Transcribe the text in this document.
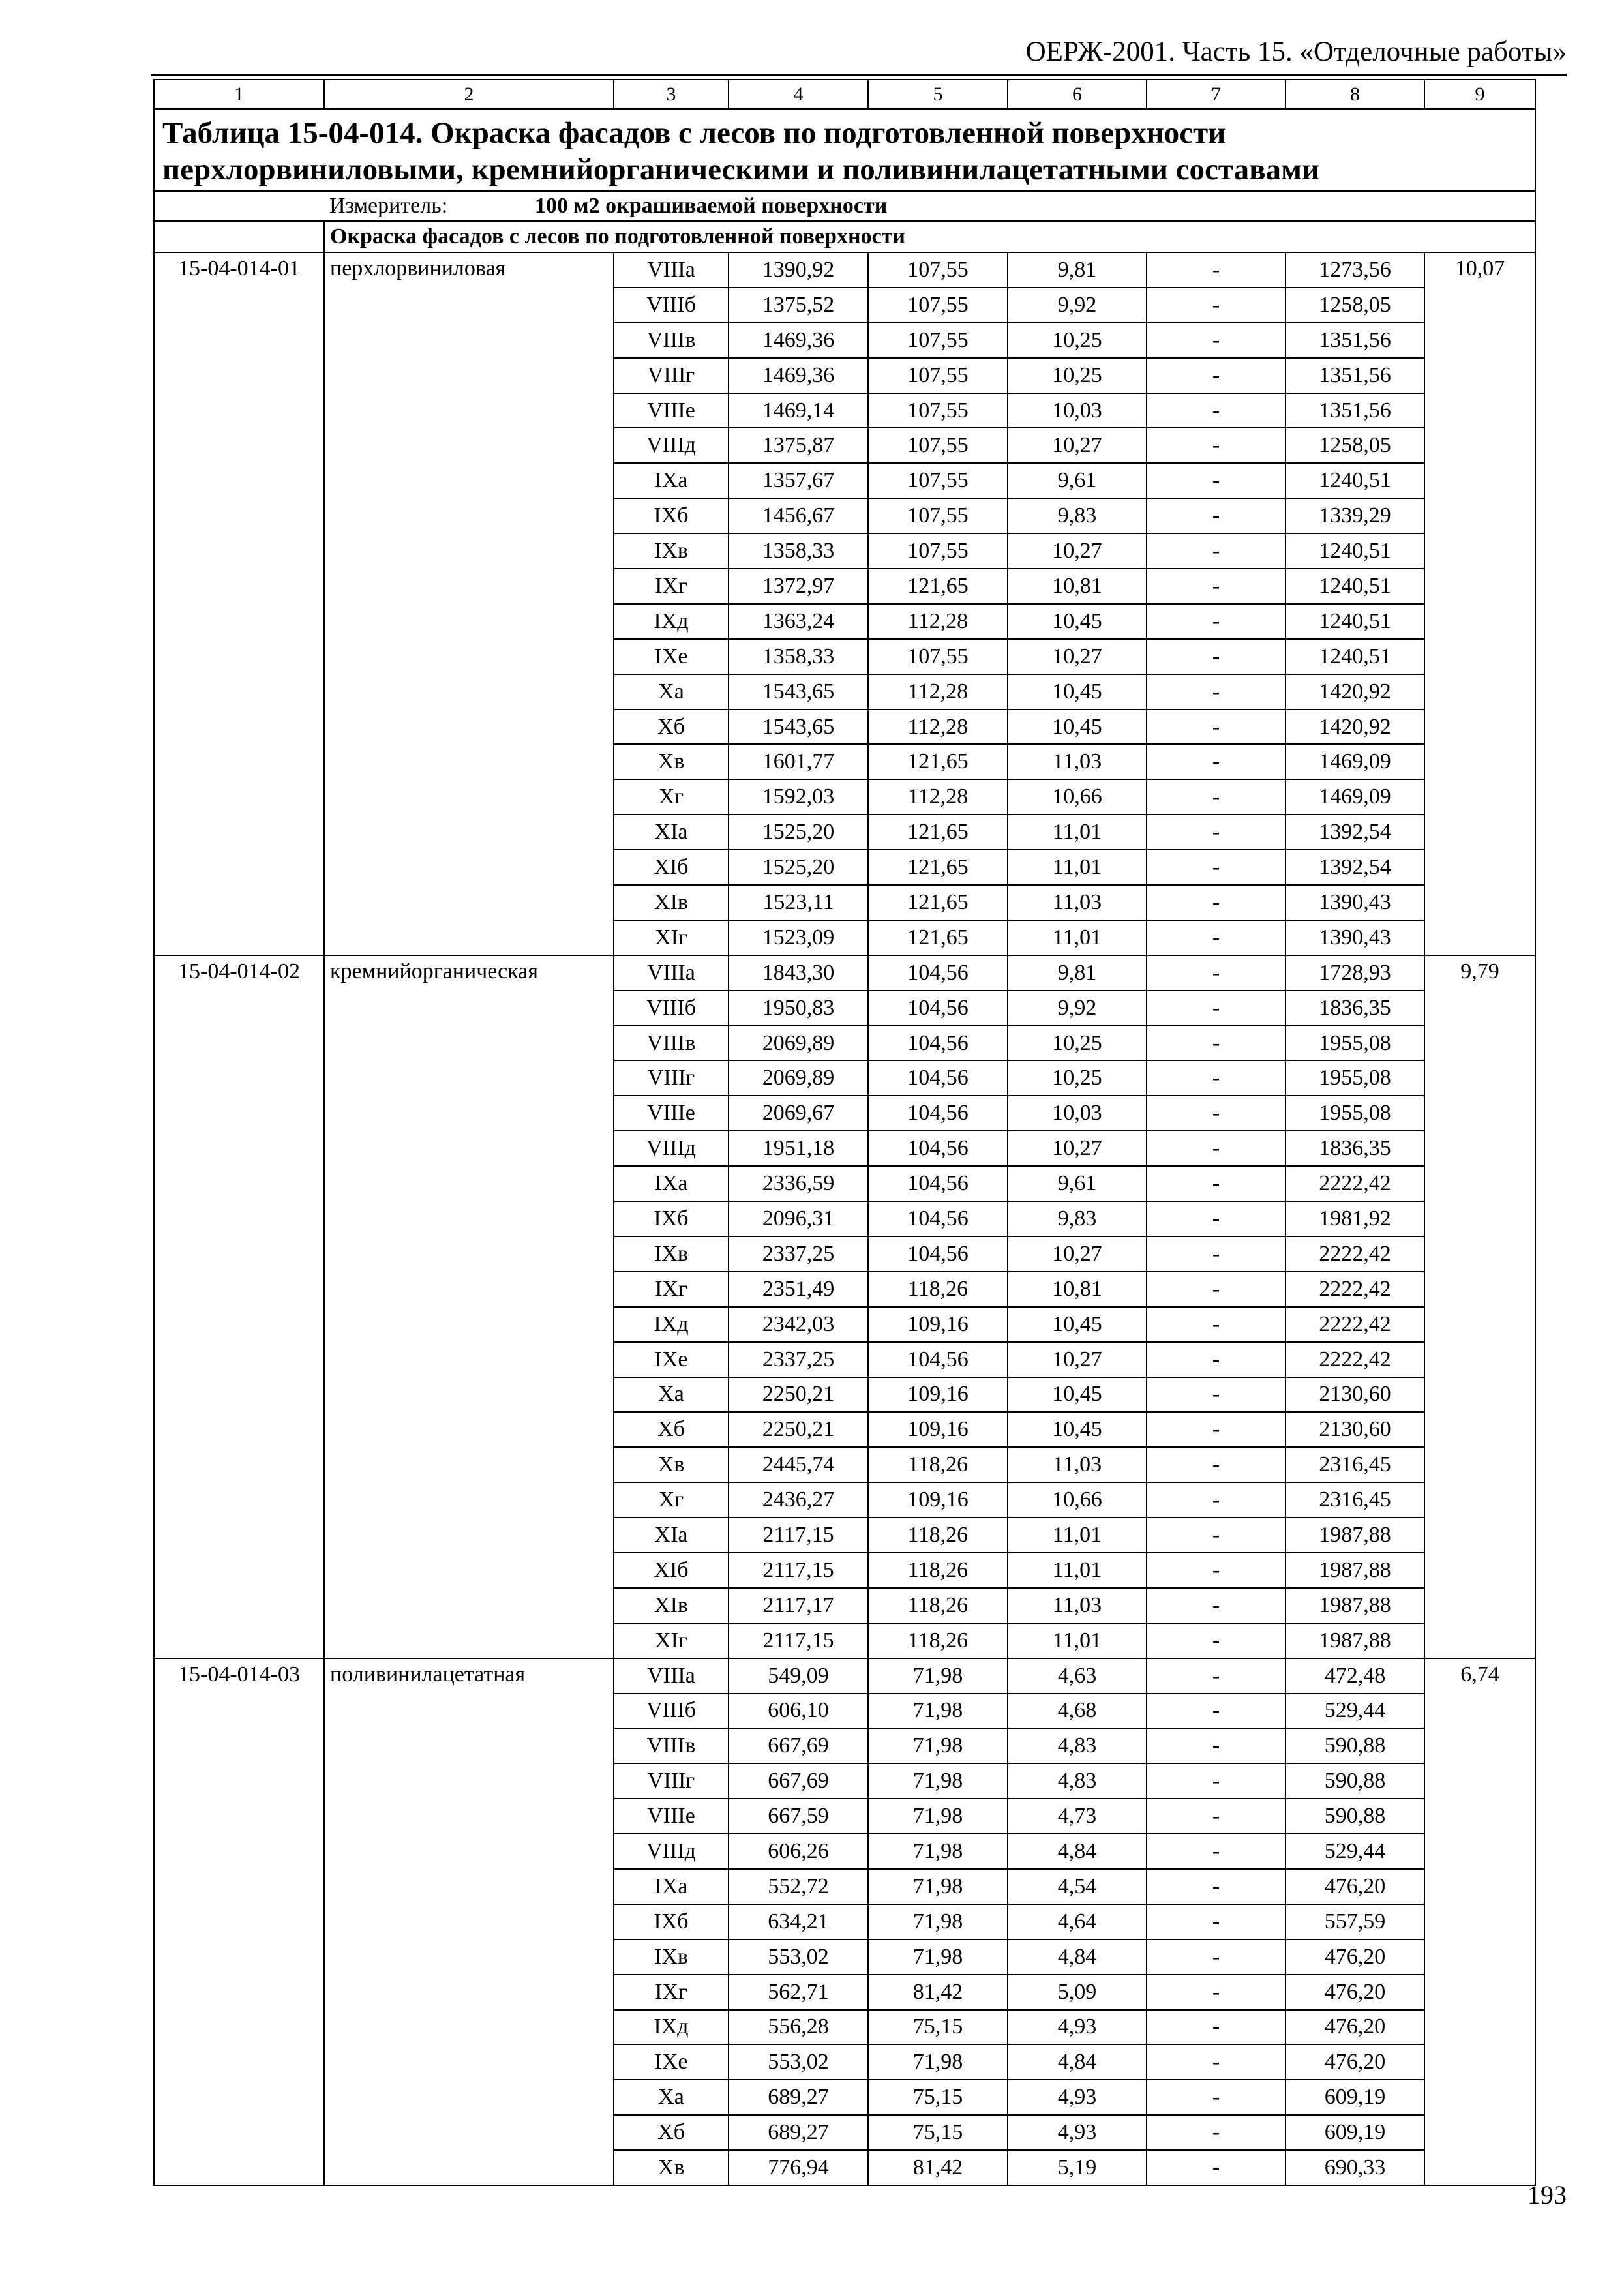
ОЕРЖ-2001. Часть 15. «Отделочные работы»
1	2	3	4	5	6	7	8	9

Таблица 15-04-014. Окраска фасадов с лесов по подготовленной поверхности
перхлорвиниловыми, кремнийорганическими и поливинилацетатными составами								

	Измеритель: 100 м2 окрашиваемой поверхности							
	Окраска фасадов с лесов по подготовленной поверхности							
15-04-014-01	перхлорвиниловая	VIIIа	1390,92	107,55	9,81	-	1273,56	10,07
		VIIIб	1375,52	107,55	9,92	-	1258,05	
		VIIIв	1469,36	107,55	10,25	-	1351,56	
		VIIIг	1469,36	107,55	10,25	-	1351,56	
		VIIIе	1469,14	107,55	10,03	-	1351,56	
		VIIIд	1375,87	107,55	10,27	-	1258,05	
		IXа	1357,67	107,55	9,61	-	1240,51	
		IXб	1456,67	107,55	9,83	-	1339,29	
		IXв	1358,33	107,55	10,27	-	1240,51	
		IXг	1372,97	121,65	10,81	-	1240,51	
		IXд	1363,24	112,28	10,45	-	1240,51	
		IXе	1358,33	107,55	10,27	-	1240,51	
		Xа	1543,65	112,28	10,45	-	1420,92	
		Xб	1543,65	112,28	10,45	-	1420,92	
		Xв	1601,77	121,65	11,03	-	1469,09	
		Xг	1592,03	112,28	10,66	-	1469,09	
		XIа	1525,20	121,65	11,01	-	1392,54	
		XIб	1525,20	121,65	11,01	-	1392,54	
		XIв	1523,11	121,65	11,03	-	1390,43	
		XIг	1523,09	121,65	11,01	-	1390,43	
15-04-014-02	кремнийорганическая	VIIIа	1843,30	104,56	9,81	-	1728,93	9,79
		VIIIб	1950,83	104,56	9,92	-	1836,35	
		VIIIв	2069,89	104,56	10,25	-	1955,08	
		VIIIг	2069,89	104,56	10,25	-	1955,08	
		VIIIе	2069,67	104,56	10,03	-	1955,08	
		VIIIд	1951,18	104,56	10,27	-	1836,35	
		IXа	2336,59	104,56	9,61	-	2222,42	
		IXб	2096,31	104,56	9,83	-	1981,92	
		IXв	2337,25	104,56	10,27	-	2222,42	
		IXг	2351,49	118,26	10,81	-	2222,42	
		IXд	2342,03	109,16	10,45	-	2222,42	
		IXе	2337,25	104,56	10,27	-	2222,42	
		Xа	2250,21	109,16	10,45	-	2130,60	
		Xб	2250,21	109,16	10,45	-	2130,60	
		Xв	2445,74	118,26	11,03	-	2316,45	
		Xг	2436,27	109,16	10,66	-	2316,45	
		XIа	2117,15	118,26	11,01	-	1987,88	
		XIб	2117,15	118,26	11,01	-	1987,88	
		XIв	2117,17	118,26	11,03	-	1987,88	
		XIг	2117,15	118,26	11,01	-	1987,88	
15-04-014-03	поливинилацетатная	VIIIа	549,09	71,98	4,63	-	472,48	6,74
		VIIIб	606,10	71,98	4,68	-	529,44	
		VIIIв	667,69	71,98	4,83	-	590,88	
		VIIIг	667,69	71,98	4,83	-	590,88	
		VIIIе	667,59	71,98	4,73	-	590,88	
		VIIIд	606,26	71,98	4,84	-	529,44	
		IXа	552,72	71,98	4,54	-	476,20	
		IXб	634,21	71,98	4,64	-	557,59	
		IXв	553,02	71,98	4,84	-	476,20	
		IXг	562,71	81,42	5,09	-	476,20	
		IXд	556,28	75,15	4,93	-	476,20	
		IXе	553,02	71,98	4,84	-	476,20	
		Xа	689,27	75,15	4,93	-	609,19	
		Xб	689,27	75,15	4,93	-	609,19	
		Xв	776,94	81,42	5,19	-	690,33	
193
